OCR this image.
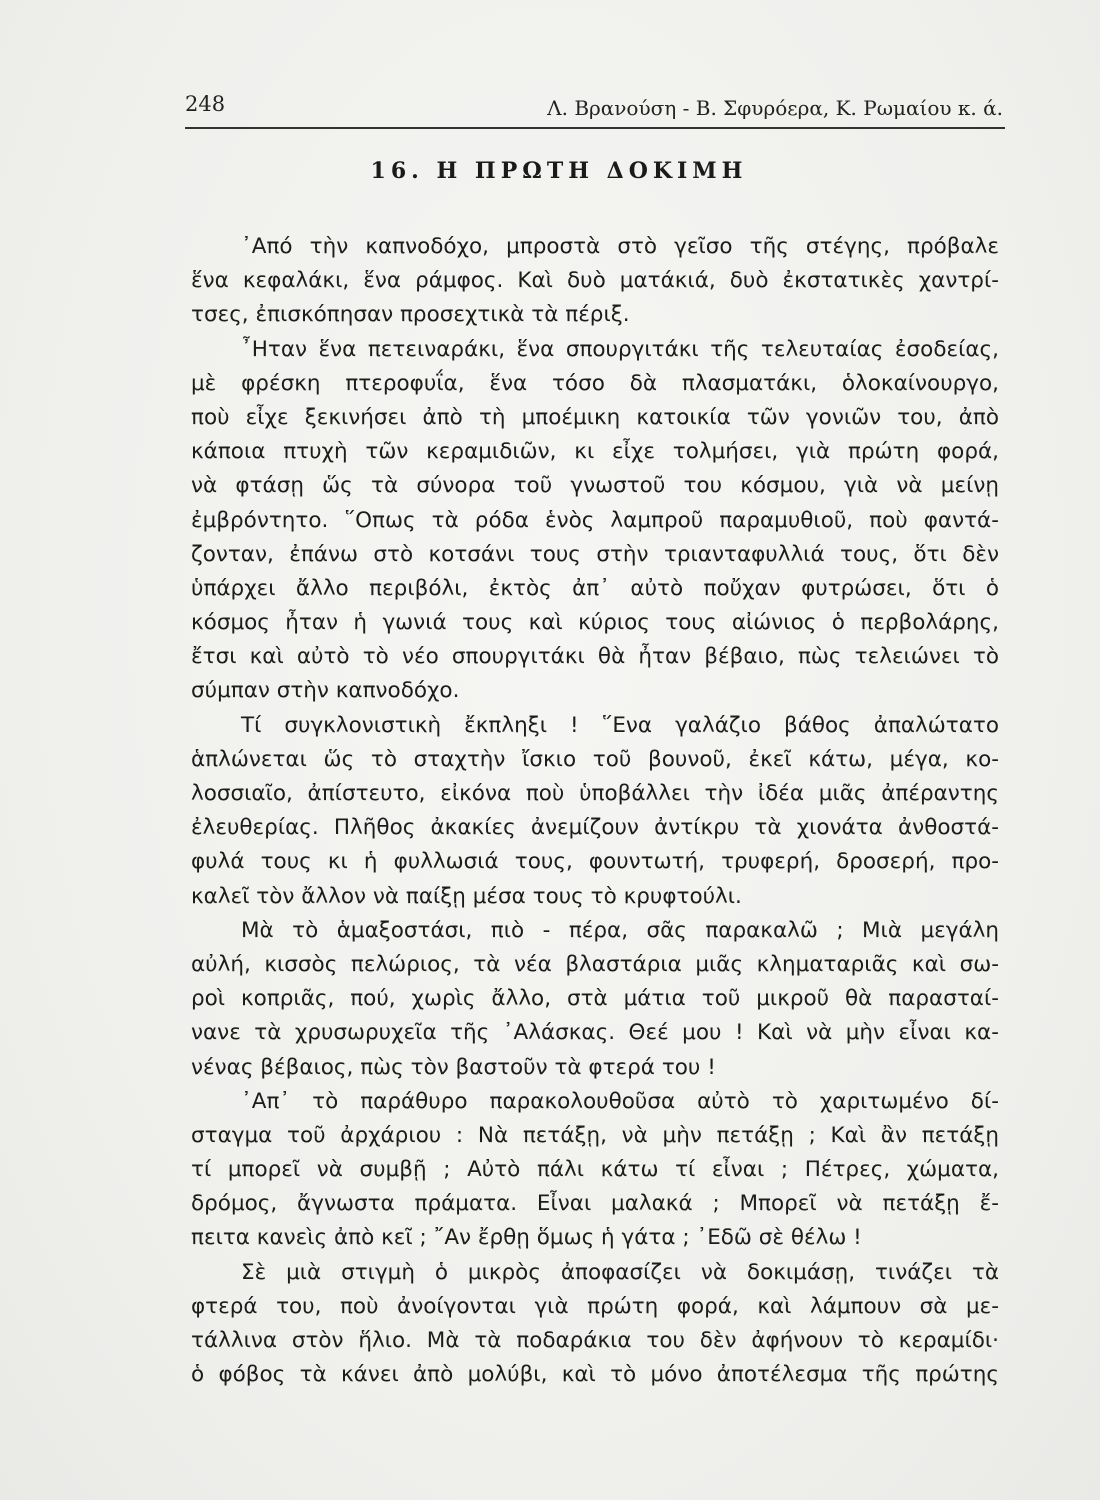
248	Λ. Βρανούση - Β. Σφυρόερα, Κ. Ρωμαίου κ. ά.
16. Η ΠΡΩΤΗ ΔΟΚΙΜΗ
᾿Από τὴν καπνοδόχο, μπροστὰ στὸ γεῖσο τῆς στέγης, πρόβαλε
ἕνα κεφαλάκι, ἕνα ράμφος. Καὶ δυὸ ματάκιά, δυὸ ἐκστατικὲς χαντρί-
τσες, ἐπισκόπησαν προσεχτικὰ τὰ πέριξ.
῏Ηταν ἕνα πετειναράκι, ἕνα σπουργιτάκι τῆς τελευταίας ἐσοδείας,
μὲ φρέσκη πτεροφυΐα, ἕνα τόσο δὰ πλασματάκι, ὁλοκαίνουργο,
ποὺ εἶχε ξεκινήσει ἀπὸ τὴ μποέμικη κατοικία τῶν γονιῶν του, ἀπὸ
κάποια πτυχὴ τῶν κεραμιδιῶν, κι εἶχε τολμήσει, γιὰ πρώτη φορά,
νὰ φτάσῃ ὥς τὰ σύνορα τοῦ γνωστοῦ του κόσμου, γιὰ νὰ μείνῃ
ἐμβρόντητο. ῞Οπως τὰ ρόδα ἑνὸς λαμπροῦ παραμυθιοῦ, ποὺ φαντά-
ζονταν, ἐπάνω στὸ κοτσάνι τους στὴν τριανταφυλλιά τους, ὅτι δὲν
ὑπάρχει ἄλλο περιβόλι, ἐκτὸς ἀπ᾿ αὐτὸ ποὔχαν φυτρώσει, ὅτι ὁ
κόσμος ἦταν ἡ γωνιά τους καὶ κύριος τους αἰώνιος ὁ περβολάρης,
ἔτσι καὶ αὐτὸ τὸ νέο σπουργιτάκι θὰ ἦταν βέβαιο, πὼς τελειώνει τὸ
σύμπαν στὴν καπνοδόχο.
Τί συγκλονιστικὴ ἔκπληξι ! ῞Ενα γαλάζιο βάθος ἀπαλώτατο
ἁπλώνεται ὥς τὸ σταχτὴν ἴσκιο τοῦ βουνοῦ, ἐκεῖ κάτω, μέγα, κο-
λοσσιαῖο, ἀπίστευτο, εἰκόνα ποὺ ὑποβάλλει τὴν ἰδέα μιᾶς ἀπέραντης
ἐλευθερίας. Πλῆθος ἀκακίες ἀνεμίζουν ἀντίκρυ τὰ χιονάτα ἀνθοστά-
φυλά τους κι ἡ φυλλωσιά τους, φουντωτή, τρυφερή, δροσερή, προ-
καλεῖ τὸν ἄλλον νὰ παίξῃ μέσα τους τὸ κρυφτούλι.
Μὰ τὸ ἁμαξοστάσι, πιὸ - πέρα, σᾶς παρακαλῶ ; Μιὰ μεγάλη
αὐλή, κισσὸς πελώριος, τὰ νέα βλαστάρια μιᾶς κληματαριᾶς καὶ σω-
ροὶ κοπριᾶς, πού, χωρὶς ἄλλο, στὰ μάτια τοῦ μικροῦ θὰ παρασταί-
νανε τὰ χρυσωρυχεῖα τῆς ᾿Αλάσκας. Θεέ μου ! Καὶ νὰ μὴν εἶναι κα-
νένας βέβαιος, πὼς τὸν βαστοῦν τὰ φτερά του !
᾿Απ᾿ τὸ παράθυρο παρακολουθοῦσα αὐτὸ τὸ χαριτωμένο δί-
σταγμα τοῦ ἀρχάριου : Νὰ πετάξῃ, νὰ μὴν πετάξῃ ; Καὶ ἂν πετάξῃ
τί μπορεῖ νὰ συμβῇ ; Αὐτὸ πάλι κάτω τί εἶναι ; Πέτρες, χώματα,
δρόμος, ἄγνωστα πράματα. Εἶναι μαλακά ; Μπορεῖ νὰ πετάξῃ ἔ-
πειτα κανεὶς ἀπὸ κεῖ ; ῎Αν ἔρθῃ ὅμως ἡ γάτα ; ᾿Εδῶ σὲ θέλω !
Σὲ μιὰ στιγμὴ ὁ μικρὸς ἀποφασίζει νὰ δοκιμάσῃ, τινάζει τὰ
φτερά του, ποὺ ἀνοίγονται γιὰ πρώτη φορά, καὶ λάμπουν σὰ με-
τάλλινα στὸν ἥλιο. Μὰ τὰ ποδαράκια του δὲν ἀφήνουν τὸ κεραμίδι·
ὁ φόβος τὰ κάνει ἀπὸ μολύβι, καὶ τὸ μόνο ἀποτέλεσμα τῆς πρώτης
